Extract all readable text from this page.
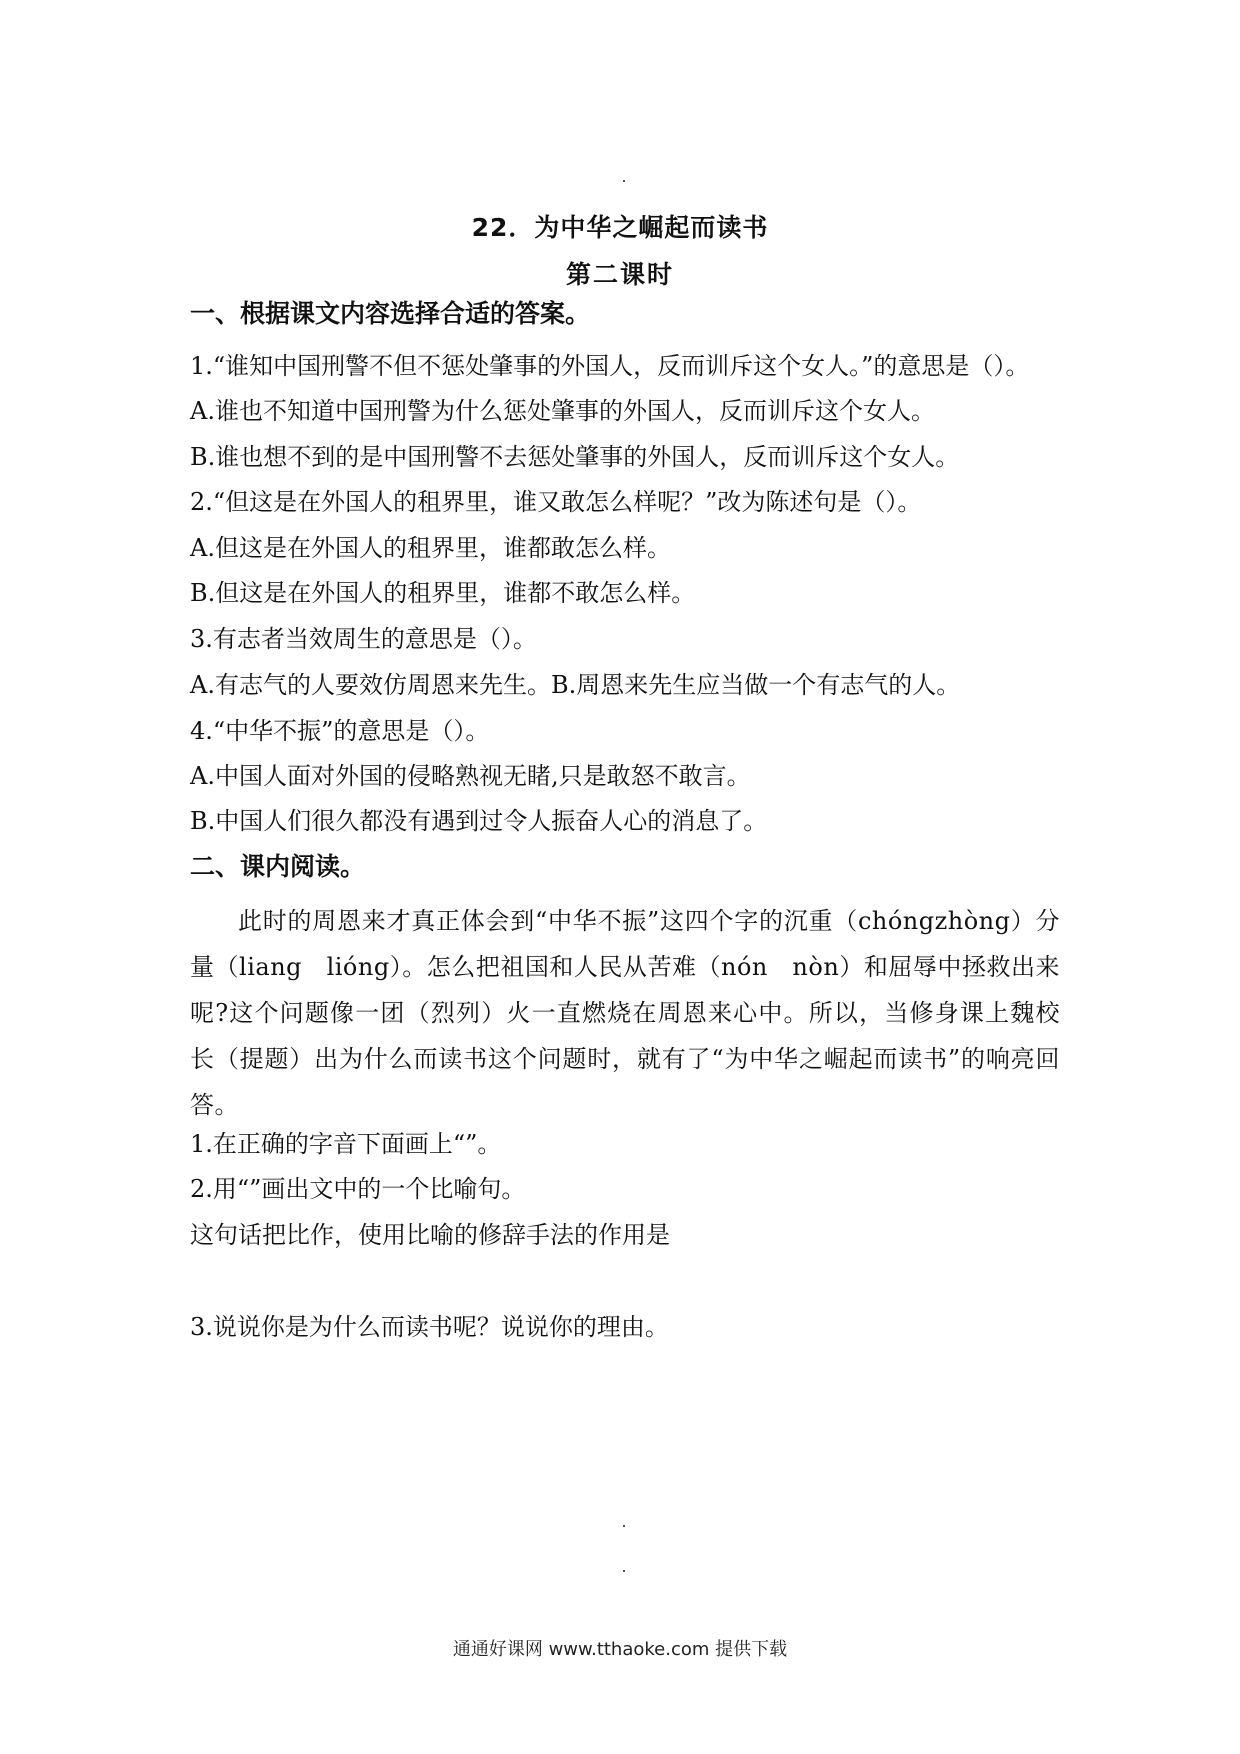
22．为中华之崛起而读书
第二课时
一、根据课文内容选择合适的答案。
1.“谁知中国刑警不但不惩处肇事的外国人，反而训斥这个女人。”的意思是（）。
A.谁也不知道中国刑警为什么惩处肇事的外国人，反而训斥这个女人。
B.谁也想不到的是中国刑警不去惩处肇事的外国人，反而训斥这个女人。
2.“但这是在外国人的租界里，谁又敢怎么样呢？”改为陈述句是（）。
A.但这是在外国人的租界里，谁都敢怎么样。
B.但这是在外国人的租界里，谁都不敢怎么样。
3.有志者当效周生的意思是（）。
A.有志气的人要效仿周恩来先生。B.周恩来先生应当做一个有志气的人。
4.“中华不振”的意思是（）。
A.中国人面对外国的侵略熟视无睹,只是敢怒不敢言。
B.中国人们很久都没有遇到过令人振奋人心的消息了。
二、课内阅读。
此时的周恩来才真正体会到“中华不振”这四个字的沉重（chóngzhòng）分量（liang　lióng）。怎么把祖国和人民从苦难（nón　nòn）和屈辱中拯救出来呢?这个问题像一团（烈列）火一直燃烧在周恩来心中。所以，当修身课上魏校长（提题）出为什么而读书这个问题时，就有了“为中华之崛起而读书”的响亮回答。
1.在正确的字音下面画上“”。
2.用“”画出文中的一个比喻句。
这句话把比作，使用比喻的修辞手法的作用是
3.说说你是为什么而读书呢？说说你的理由。
通通好课网 www.tthaoke.com 提供下载
